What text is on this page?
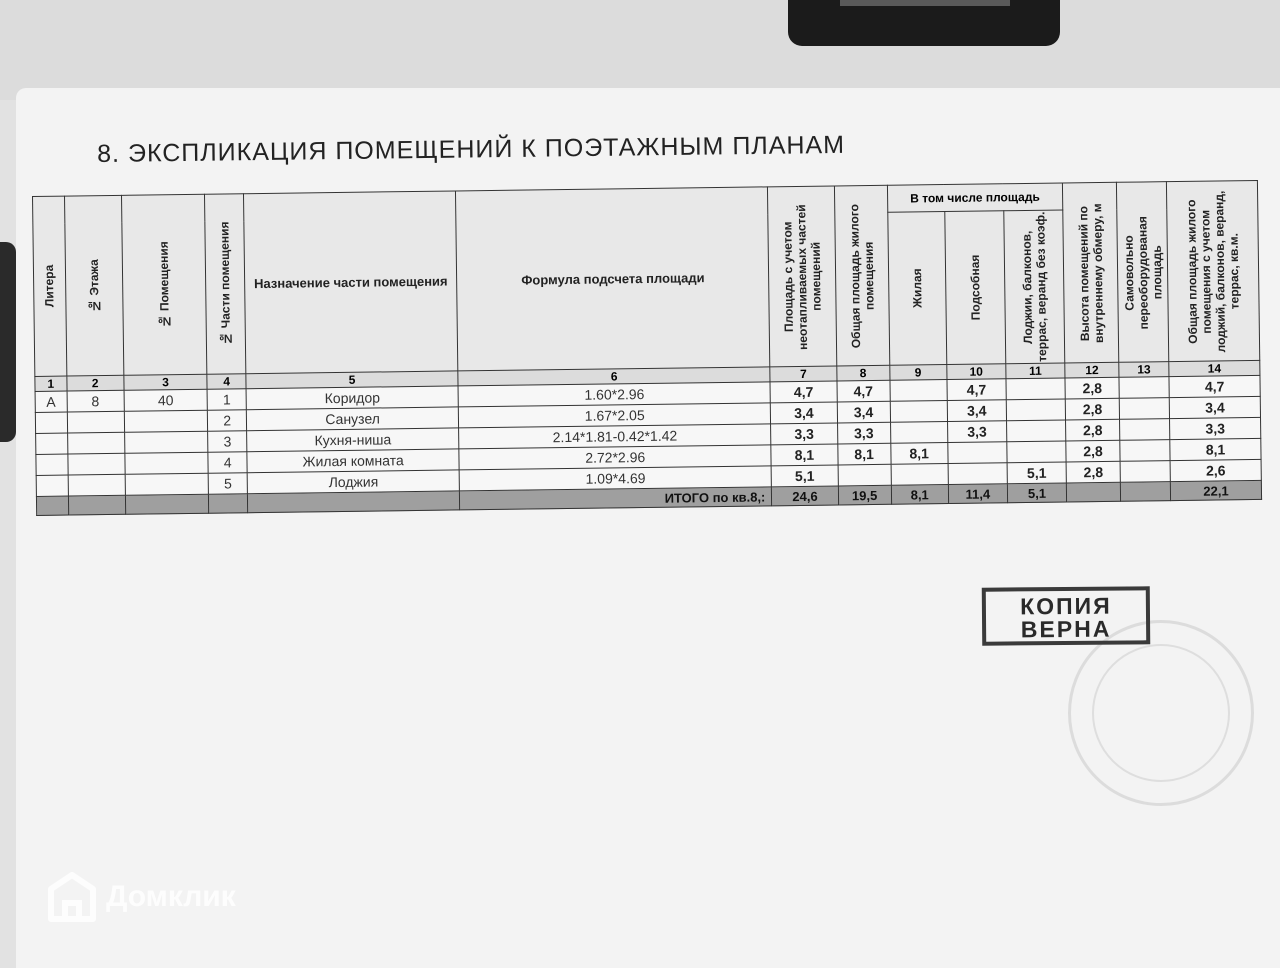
8. ЭКСПЛИКАЦИЯ ПОМЕЩЕНИЙ К ПОЭТАЖНЫМ ПЛАНАМ
Литера	№ Этажа	№ Помещения	№ Части помещения	Назначение части помещения	Формула подсчета площади	Площадь с учетом неотапливаемых частей помещений	Общая площадь жилого помещения	В том числе площадь			Высота помещений по внутреннему обмеру, м	Самовольно переоборудованая площадь	Общая площадь жилого помещения с учетом лоджий, балконов, веранд, террас, кв.м.

								Жилая	Подсобная	Лоджии, балконов, террас, веранд без коэф.			

1	2	3	4	5	6	7	8	9	10	11	12	13	14
А	8	40	1	Коридор	1.60*2.96	4,7	4,7		4,7		2,8		4,7
			2	Санузел	1.67*2.05	3,4	3,4		3,4		2,8		3,4
			3	Кухня-ниша	2.14*1.81-0.42*1.42	3,3	3,3		3,3		2,8		3,3
			4	Жилая комната	2.72*2.96	8,1	8,1	8,1			2,8		8,1
			5	Лоджия	1.09*4.69	5,1				5,1	2,8		2,6
					ИТОГО по кв.8,:	24,6	19,5	8,1	11,4	5,1			22,1
КОПИЯ
ВЕРНА
Домклик
